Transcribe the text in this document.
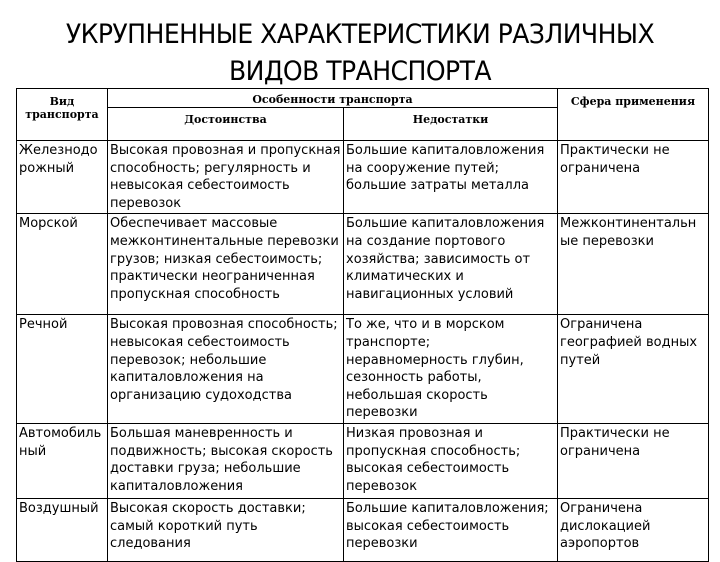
УКРУПНЕННЫЕ ХАРАКТЕРИСТИКИ РАЗЛИЧНЫХ
ВИДОВ ТРАНСПОРТА
Вид транспорта	Особенности транспорта		Сфера применения
	Достоинства	Недостатки	
Железнодорожный	Высокая провозная и пропускная способность; регулярность и невысокая себестоимость перевозок	Большие капиталовложения на сооружение путей; большие затраты металла	Практически не ограничена
Морской	Обеспечивает массовые межконтинентальные перевозки грузов; низкая себестоимость; практически неограниченная пропускная способность	Большие капиталовложения на создание портового хозяйства; зависимость от климатических и навигационных условий	Межконтинентальные перевозки
Речной	Высокая провозная способность; невысокая себестоимость перевозок; небольшие капиталовложения на организацию судоходства	То же, что и в морском транспорте; неравномерность глубин, сезонность работы, небольшая скорость перевозки	Ограничена географией водных путей
Автомобильный	Большая маневренность и подвижность; высокая скорость доставки груза; небольшие капиталовложения	Низкая провозная и пропускная способность; высокая себестоимость перевозок	Практически не ограничена
Воздушный	Высокая скорость доставки; самый короткий путь следования	Большие капиталовложения; высокая себестоимость перевозки	Ограничена дислокацией аэропортов
